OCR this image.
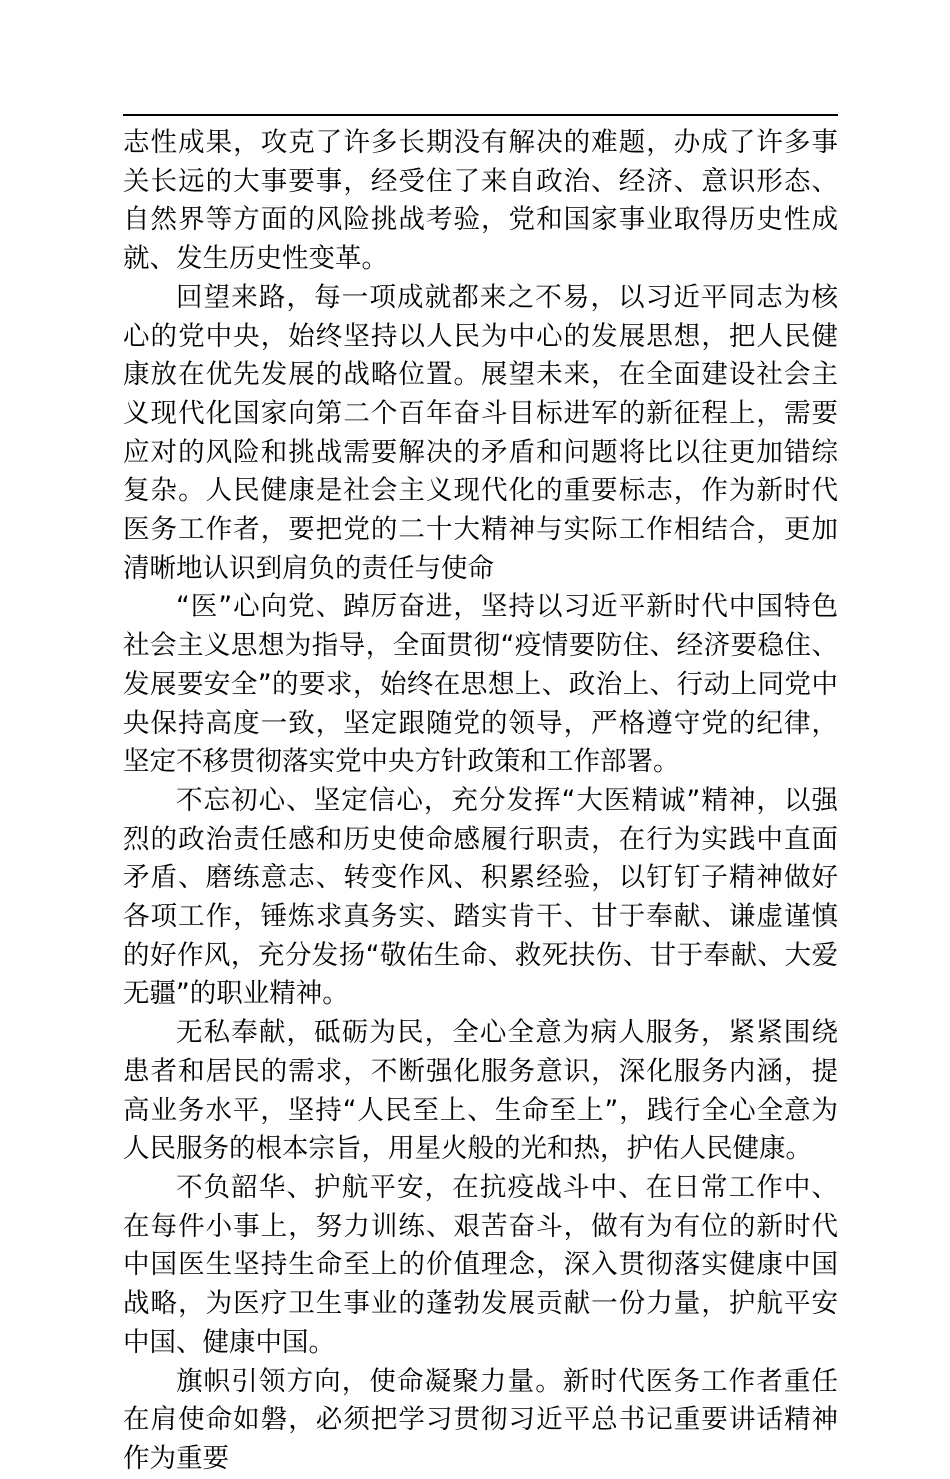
志性成果，攻克了许多长期没有解决的难题，办成了许多事关长远的大事要事，经受住了来自政治、经济、意识形态、自然界等方面的风险挑战考验，党和国家事业取得历史性成就、发生历史性变革。

回望来路，每一项成就都来之不易，以习近平同志为核心的党中央，始终坚持以人民为中心的发展思想，把人民健康放在优先发展的战略位置。展望未来，在全面建设社会主义现代化国家向第二个百年奋斗目标进军的新征程上，需要应对的风险和挑战需要解决的矛盾和问题将比以往更加错综复杂。人民健康是社会主义现代化的重要标志，作为新时代医务工作者，要把党的二十大精神与实际工作相结合，更加清晰地认识到肩负的责任与使命

“医”心向党、踔厉奋进，坚持以习近平新时代中国特色社会主义思想为指导，全面贯彻“疫情要防住、经济要稳住、发展要安全”的要求，始终在思想上、政治上、行动上同党中央保持高度一致，坚定跟随党的领导，严格遵守党的纪律，坚定不移贯彻落实党中央方针政策和工作部署。

不忘初心、坚定信心，充分发挥“大医精诚”精神，以强烈的政治责任感和历史使命感履行职责，在行为实践中直面矛盾、磨练意志、转变作风、积累经验，以钉钉子精神做好各项工作，锤炼求真务实、踏实肯干、甘于奉献、谦虚谨慎的好作风，充分发扬“敬佑生命、救死扶伤、甘于奉献、大爱无疆”的职业精神。

无私奉献，砥砺为民，全心全意为病人服务，紧紧围绕患者和居民的需求，不断强化服务意识，深化服务内涵，提高业务水平，坚持“人民至上、生命至上”，践行全心全意为人民服务的根本宗旨，用星火般的光和热，护佑人民健康。

不负韶华、护航平安，在抗疫战斗中、在日常工作中、在每件小事上，努力训练、艰苦奋斗，做有为有位的新时代中国医生坚持生命至上的价值理念，深入贯彻落实健康中国战略，为医疗卫生事业的蓬勃发展贡献一份力量，护航平安中国、健康中国。

旗帜引领方向，使命凝聚力量。新时代医务工作者重任在肩使命如磐，必须把学习贯彻习近平总书记重要讲话精神作为重要
